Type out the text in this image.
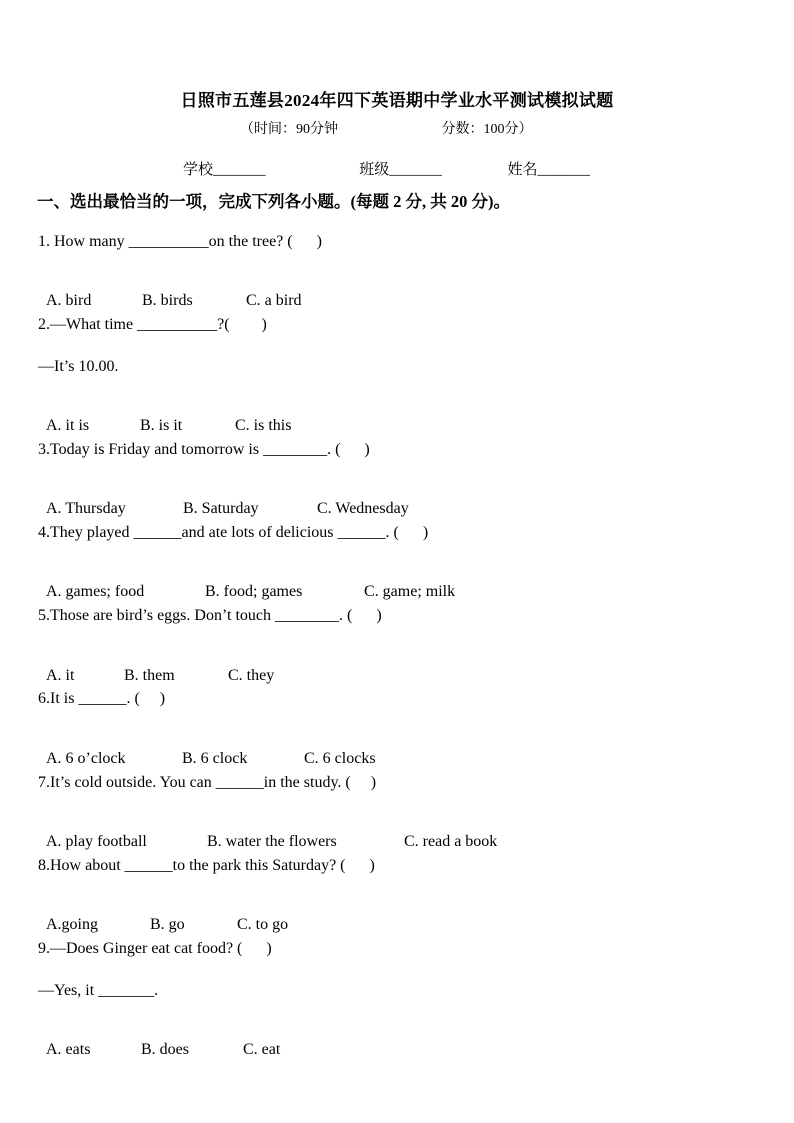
日照市五莲县2024年四下英语期中学业水平测试模拟试题
（时间：90分钟	分数：100分）
学校_______	班级_______	姓名_______
一、选出最恰当的一项，完成下列各小题。(每题 2 分, 共 20 分)。
1. How many __________on the tree? (      )

A. bird	B. birds	C. a bird

2.—What time __________?(        )
—It’s 10.00.

A. it is	B. is it	C. is this

3.Today is Friday and tomorrow is ________. (      )

A. Thursday	B. Saturday	C. Wednesday

4.They played ______and ate lots of delicious ______. (      )

A. games; food	B. food; games	C. game; milk

5.Those are bird’s eggs. Don’t touch ________. (      )

A. it	B. them	C. they

6.It is ______. (     )

A. 6 o’clock	B. 6 clock	C. 6 clocks

7.It’s cold outside. You can ______in the study. (     )

A. play football	B. water the flowers	C. read a book

8.How about ______to the park this Saturday? (      )

A.going	B. go	C. to go

9.—Does Ginger eat cat food? (      )
—Yes, it _______.

A. eats	B. does	C. eat
